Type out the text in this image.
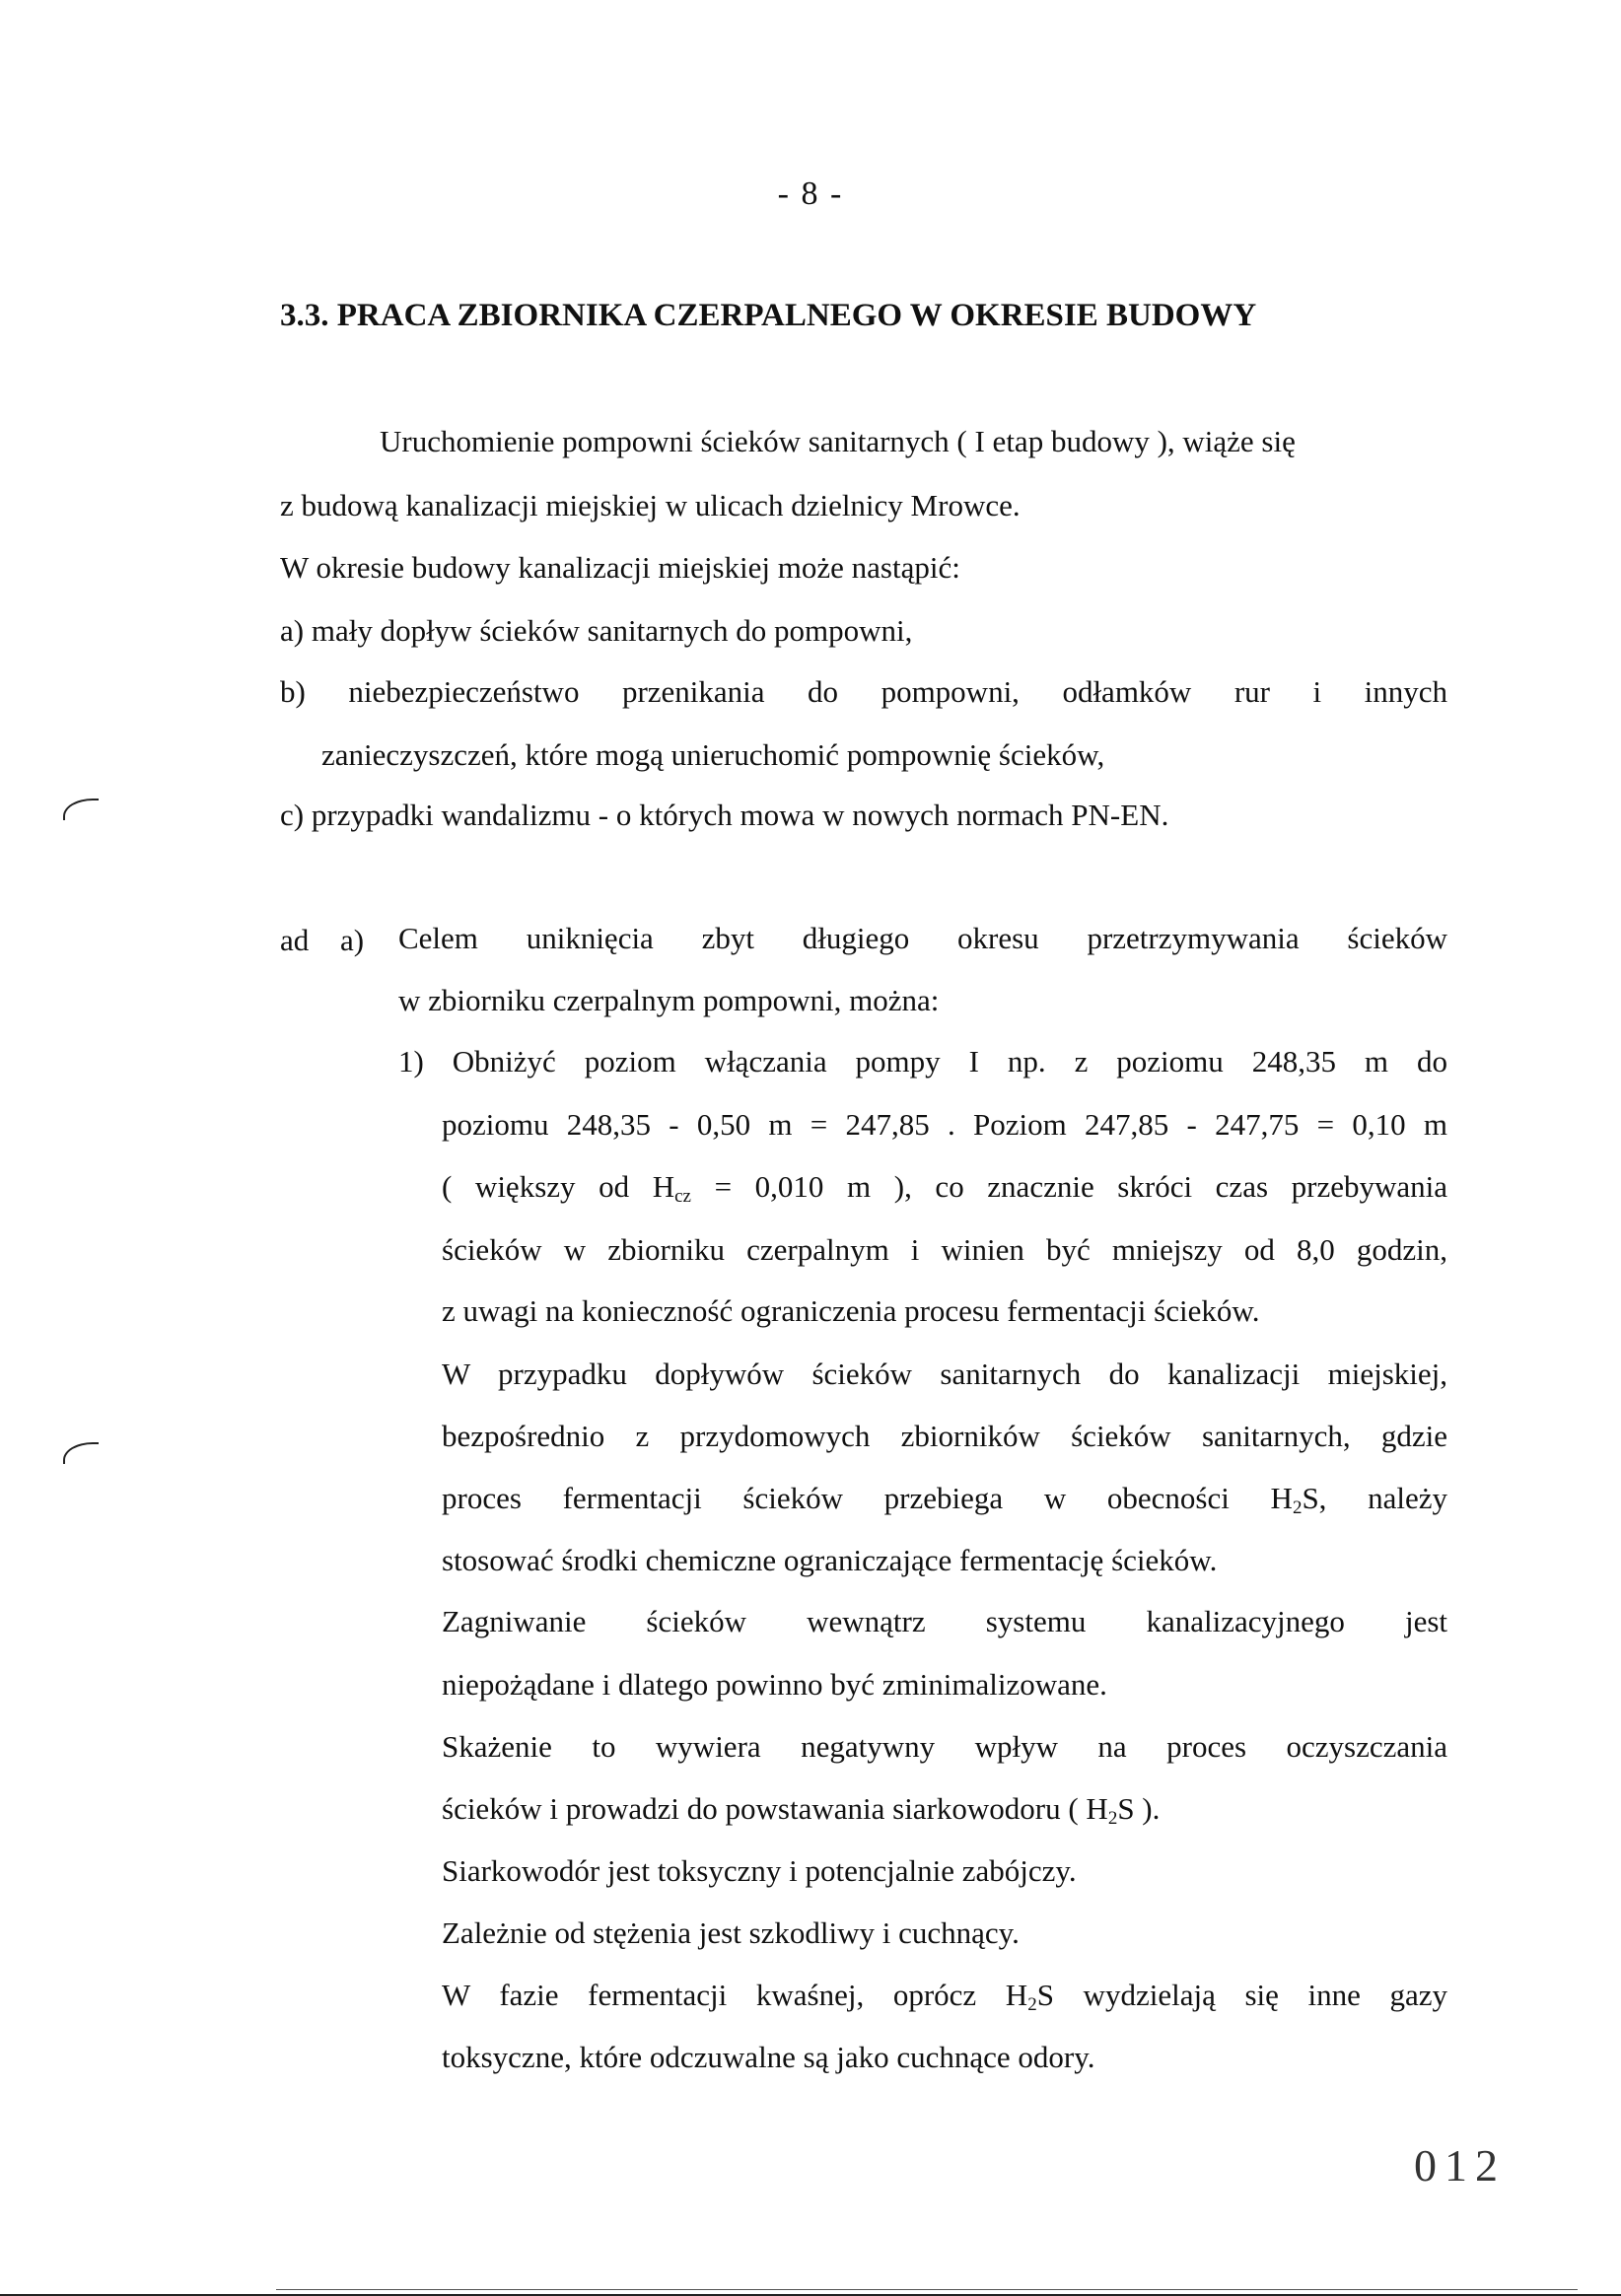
- 8 -
3.3. PRACA ZBIORNIKA CZERPALNEGO W OKRESIE BUDOWY
Uruchomienie pompowni ścieków sanitarnych ( I etap budowy ), wiąże się
z budową kanalizacji miejskiej w ulicach dzielnicy Mrowce.
W okresie budowy kanalizacji miejskiej może nastąpić:
a) mały dopływ ścieków sanitarnych do pompowni,
b) niebezpieczeństwo przenikania do pompowni, odłamków rur i innych
zanieczyszczeń, które mogą unieruchomić pompownię ścieków,
c) przypadki wandalizmu - o których mowa w nowych normach PN-EN.
ad a) Celem uniknięcia zbyt długiego okresu przetrzymywania ścieków
w zbiorniku czerpalnym pompowni, można:
1) Obniżyć poziom włączania pompy I np. z poziomu 248,35 m do
poziomu 248,35 - 0,50 m = 247,85 . Poziom 247,85 - 247,75 = 0,10 m
( większy od $H_{cz} = 0,010$ m ), co znacznie skróci czas przebywania
ścieków w zbiorniku czerpalnym i winien być mniejszy od 8,0 godzin,
z uwagi na konieczność ograniczenia procesu fermentacji ścieków.
W przypadku dopływów ścieków sanitarnych do kanalizacji miejskiej,
bezpośrednio z przydomowych zbiorników ścieków sanitarnych, gdzie
proces fermentacji ścieków przebiega w obecności $H_2S$, należy
stosować środki chemiczne ograniczające fermentację ścieków.
Zagniwanie ścieków wewnątrz systemu kanalizacyjnego jest
niepożądane i dlatego powinno być zminimalizowane.
Skażenie to wywiera negatywny wpływ na proces oczyszczania
ścieków i prowadzi do powstawania siarkowodoru ( $H_2S$ ).
Siarkowodór jest toksyczny i potencjalnie zabójczy.
Zależnie od stężenia jest szkodliwy i cuchnący.
W fazie fermentacji kwaśnej, oprócz $H_2S$ wydzielają się inne gazy
toksyczne, które odczuwalne są jako cuchnące odory.
012
